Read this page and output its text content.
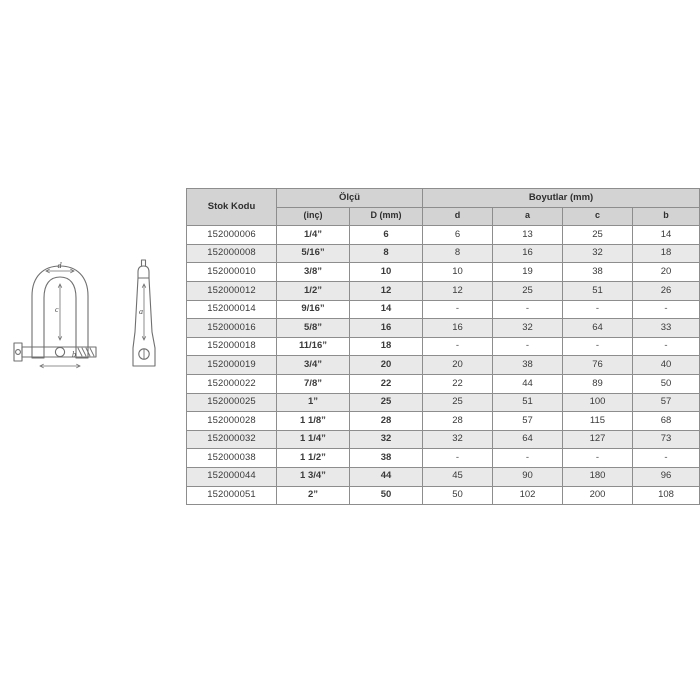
d
c
b
a
Stok Kodu	Ölçü		Boyutlar (mm)			
	(inç)	D (mm)	d	a	c	b
152000006	1/4”	6	6	13	25	14
152000008	5/16”	8	8	16	32	18
152000010	3/8”	10	10	19	38	20
152000012	1/2”	12	12	25	51	26
152000014	9/16”	14	-	-	-	-
152000016	5/8”	16	16	32	64	33
152000018	11/16”	18	-	-	-	-
152000019	3/4”	20	20	38	76	40
152000022	7/8”	22	22	44	89	50
152000025	1”	25	25	51	100	57
152000028	1 1/8”	28	28	57	115	68
152000032	1 1/4”	32	32	64	127	73
152000038	1 1/2”	38	-	-	-	-
152000044	1 3/4”	44	45	90	180	96
152000051	2”	50	50	102	200	108
